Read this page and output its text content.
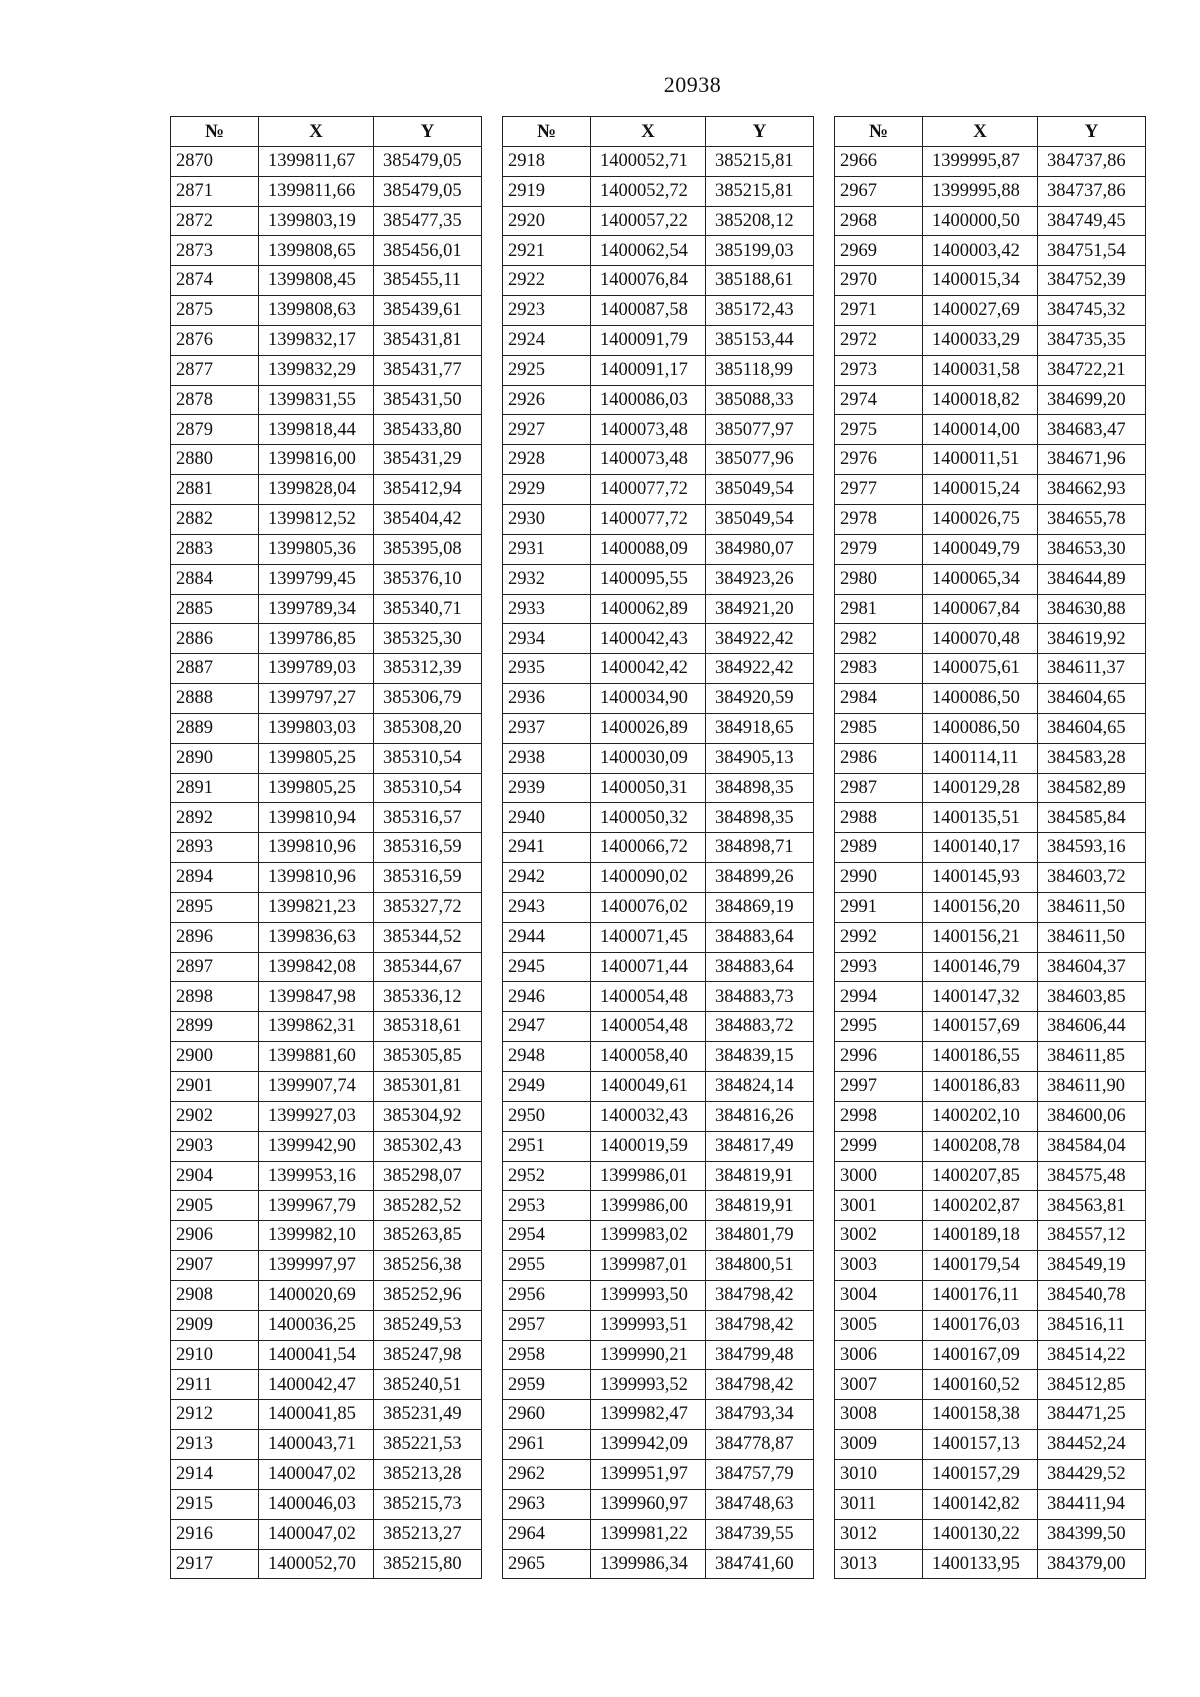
20938
№	X	Y
2870	1399811,67	385479,05
2871	1399811,66	385479,05
2872	1399803,19	385477,35
2873	1399808,65	385456,01
2874	1399808,45	385455,11
2875	1399808,63	385439,61
2876	1399832,17	385431,81
2877	1399832,29	385431,77
2878	1399831,55	385431,50
2879	1399818,44	385433,80
2880	1399816,00	385431,29
2881	1399828,04	385412,94
2882	1399812,52	385404,42
2883	1399805,36	385395,08
2884	1399799,45	385376,10
2885	1399789,34	385340,71
2886	1399786,85	385325,30
2887	1399789,03	385312,39
2888	1399797,27	385306,79
2889	1399803,03	385308,20
2890	1399805,25	385310,54
2891	1399805,25	385310,54
2892	1399810,94	385316,57
2893	1399810,96	385316,59
2894	1399810,96	385316,59
2895	1399821,23	385327,72
2896	1399836,63	385344,52
2897	1399842,08	385344,67
2898	1399847,98	385336,12
2899	1399862,31	385318,61
2900	1399881,60	385305,85
2901	1399907,74	385301,81
2902	1399927,03	385304,92
2903	1399942,90	385302,43
2904	1399953,16	385298,07
2905	1399967,79	385282,52
2906	1399982,10	385263,85
2907	1399997,97	385256,38
2908	1400020,69	385252,96
2909	1400036,25	385249,53
2910	1400041,54	385247,98
2911	1400042,47	385240,51
2912	1400041,85	385231,49
2913	1400043,71	385221,53
2914	1400047,02	385213,28
2915	1400046,03	385215,73
2916	1400047,02	385213,27
2917	1400052,70	385215,80
№	X	Y
2918	1400052,71	385215,81
2919	1400052,72	385215,81
2920	1400057,22	385208,12
2921	1400062,54	385199,03
2922	1400076,84	385188,61
2923	1400087,58	385172,43
2924	1400091,79	385153,44
2925	1400091,17	385118,99
2926	1400086,03	385088,33
2927	1400073,48	385077,97
2928	1400073,48	385077,96
2929	1400077,72	385049,54
2930	1400077,72	385049,54
2931	1400088,09	384980,07
2932	1400095,55	384923,26
2933	1400062,89	384921,20
2934	1400042,43	384922,42
2935	1400042,42	384922,42
2936	1400034,90	384920,59
2937	1400026,89	384918,65
2938	1400030,09	384905,13
2939	1400050,31	384898,35
2940	1400050,32	384898,35
2941	1400066,72	384898,71
2942	1400090,02	384899,26
2943	1400076,02	384869,19
2944	1400071,45	384883,64
2945	1400071,44	384883,64
2946	1400054,48	384883,73
2947	1400054,48	384883,72
2948	1400058,40	384839,15
2949	1400049,61	384824,14
2950	1400032,43	384816,26
2951	1400019,59	384817,49
2952	1399986,01	384819,91
2953	1399986,00	384819,91
2954	1399983,02	384801,79
2955	1399987,01	384800,51
2956	1399993,50	384798,42
2957	1399993,51	384798,42
2958	1399990,21	384799,48
2959	1399993,52	384798,42
2960	1399982,47	384793,34
2961	1399942,09	384778,87
2962	1399951,97	384757,79
2963	1399960,97	384748,63
2964	1399981,22	384739,55
2965	1399986,34	384741,60
№	X	Y
2966	1399995,87	384737,86
2967	1399995,88	384737,86
2968	1400000,50	384749,45
2969	1400003,42	384751,54
2970	1400015,34	384752,39
2971	1400027,69	384745,32
2972	1400033,29	384735,35
2973	1400031,58	384722,21
2974	1400018,82	384699,20
2975	1400014,00	384683,47
2976	1400011,51	384671,96
2977	1400015,24	384662,93
2978	1400026,75	384655,78
2979	1400049,79	384653,30
2980	1400065,34	384644,89
2981	1400067,84	384630,88
2982	1400070,48	384619,92
2983	1400075,61	384611,37
2984	1400086,50	384604,65
2985	1400086,50	384604,65
2986	1400114,11	384583,28
2987	1400129,28	384582,89
2988	1400135,51	384585,84
2989	1400140,17	384593,16
2990	1400145,93	384603,72
2991	1400156,20	384611,50
2992	1400156,21	384611,50
2993	1400146,79	384604,37
2994	1400147,32	384603,85
2995	1400157,69	384606,44
2996	1400186,55	384611,85
2997	1400186,83	384611,90
2998	1400202,10	384600,06
2999	1400208,78	384584,04
3000	1400207,85	384575,48
3001	1400202,87	384563,81
3002	1400189,18	384557,12
3003	1400179,54	384549,19
3004	1400176,11	384540,78
3005	1400176,03	384516,11
3006	1400167,09	384514,22
3007	1400160,52	384512,85
3008	1400158,38	384471,25
3009	1400157,13	384452,24
3010	1400157,29	384429,52
3011	1400142,82	384411,94
3012	1400130,22	384399,50
3013	1400133,95	384379,00
